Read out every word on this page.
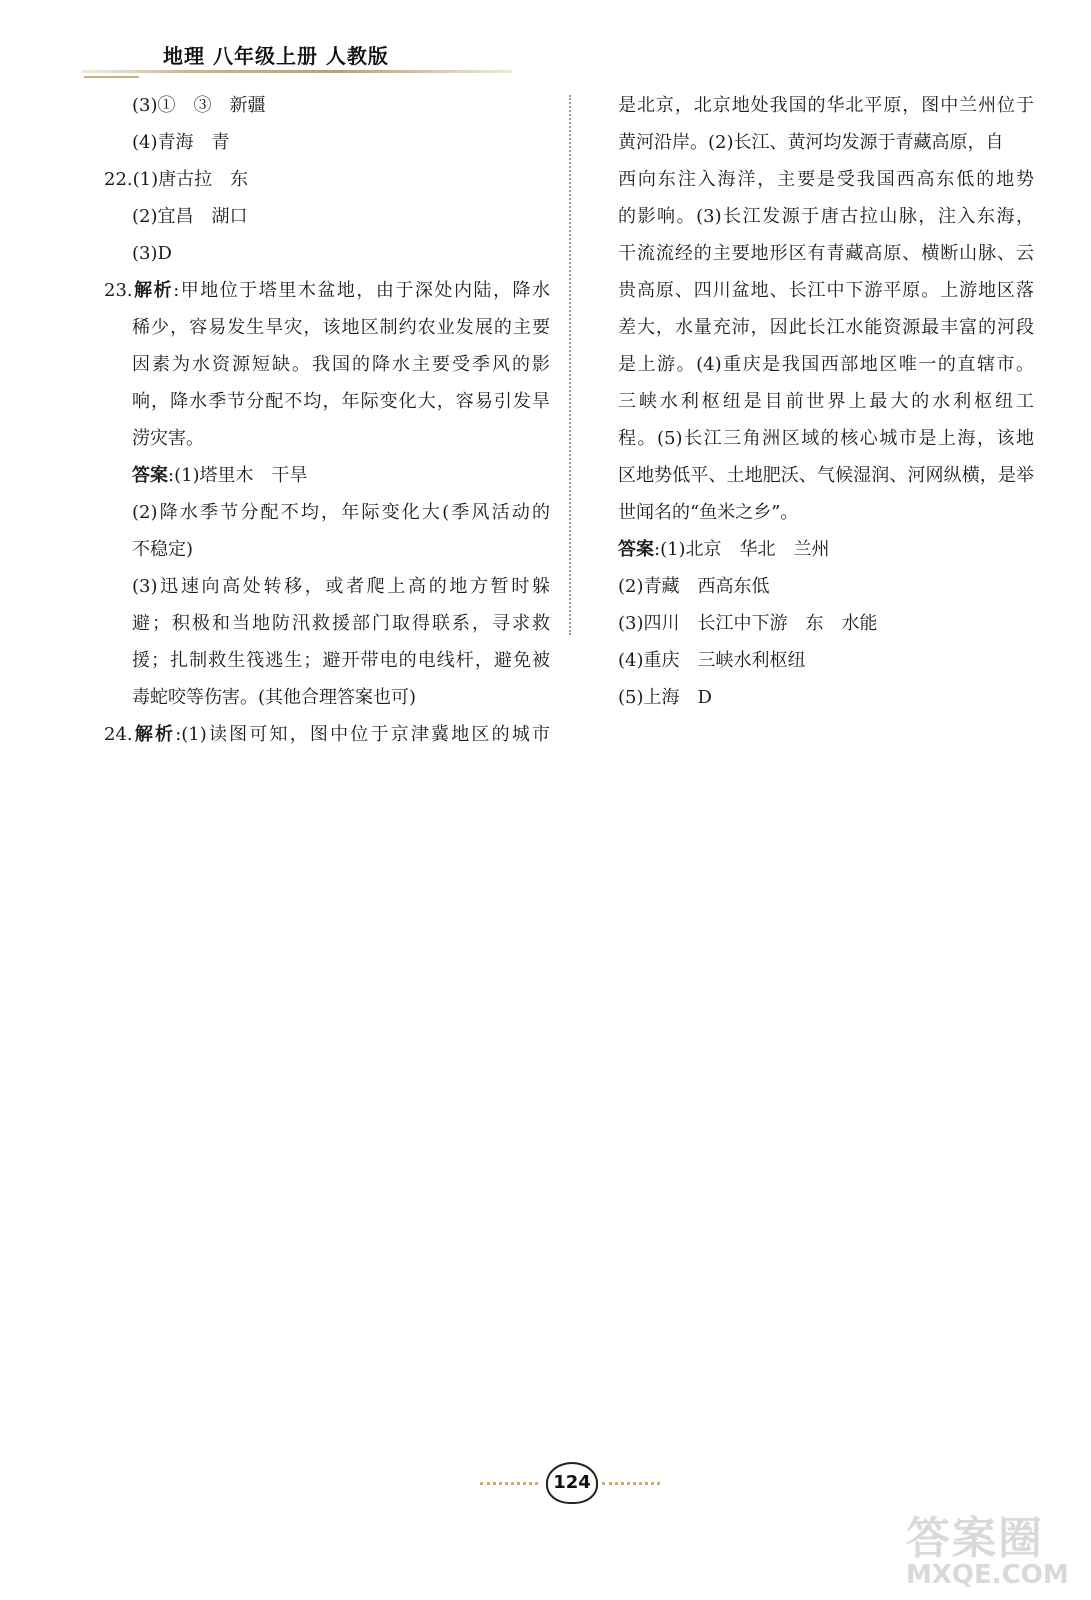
地理 八年级上册 人教版
(3)①　③　新疆
(4)青海　青
22.(1)唐古拉　东
(2)宜昌　湖口
(3)D
23.解析:甲地位于塔里木盆地，由于深处内陆，降水
稀少，容易发生旱灾，该地区制约农业发展的主要
因素为水资源短缺。我国的降水主要受季风的影
响，降水季节分配不均，年际变化大，容易引发旱
涝灾害。
答案:(1)塔里木　干旱
(2)降水季节分配不均，年际变化大(季风活动的
不稳定)
(3)迅速向高处转移，或者爬上高的地方暂时躲
避；积极和当地防汛救援部门取得联系，寻求救
援；扎制救生筏逃生；避开带电的电线杆，避免被
毒蛇咬等伤害。(其他合理答案也可)
24.解析:(1)读图可知，图中位于京津冀地区的城市
是北京，北京地处我国的华北平原，图中兰州位于
黄河沿岸。(2)长江、黄河均发源于青藏高原，自
西向东注入海洋，主要是受我国西高东低的地势
的影响。(3)长江发源于唐古拉山脉，注入东海，
干流流经的主要地形区有青藏高原、横断山脉、云
贵高原、四川盆地、长江中下游平原。上游地区落
差大，水量充沛，因此长江水能资源最丰富的河段
是上游。(4)重庆是我国西部地区唯一的直辖市。
三峡水利枢纽是目前世界上最大的水利枢纽工
程。(5)长江三角洲区域的核心城市是上海，该地
区地势低平、土地肥沃、气候湿润、河网纵横，是举
世闻名的“鱼米之乡”。
答案:(1)北京　华北　兰州
(2)青藏　西高东低
(3)四川　长江中下游　东　水能
(4)重庆　三峡水利枢纽
(5)上海　D
124
答案圈
MXQE.COM
